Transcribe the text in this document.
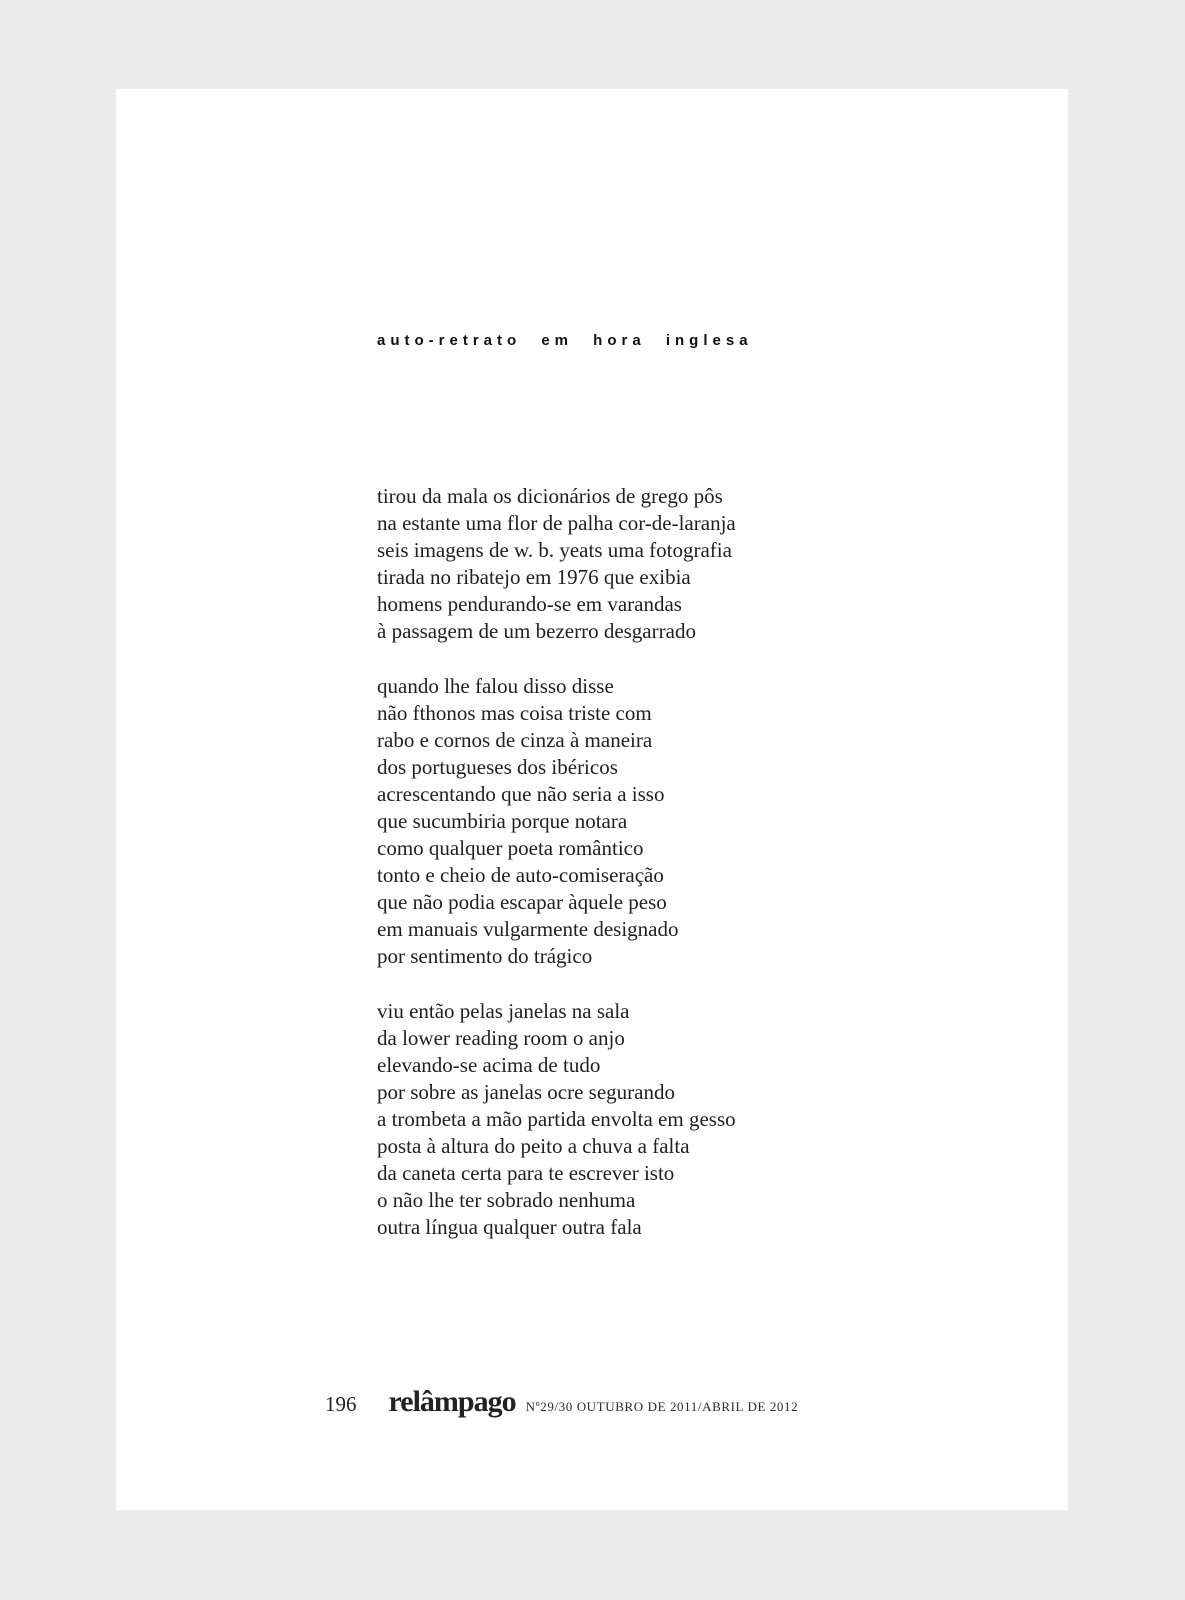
auto-retrato em hora inglesa
tirou da mala os dicionários de grego pôs
na estante uma flor de palha cor-de-laranja
seis imagens de w. b. yeats uma fotografia
tirada no ribatejo em 1976 que exibia
homens pendurando-se em varandas
à passagem de um bezerro desgarrado
quando lhe falou disso disse
não fthonos mas coisa triste com
rabo e cornos de cinza à maneira
dos portugueses dos ibéricos
acrescentando que não seria a isso
que sucumbiria porque notara
como qualquer poeta romântico
tonto e cheio de auto-comiseração
que não podia escapar àquele peso
em manuais vulgarmente designado
por sentimento do trágico
viu então pelas janelas na sala
da lower reading room o anjo
elevando-se acima de tudo
por sobre as janelas ocre segurando
a trombeta a mão partida envolta em gesso
posta à altura do peito a chuva a falta
da caneta certa para te escrever isto
o não lhe ter sobrado nenhuma
outra língua qualquer outra fala
196 relâmpago Nº29/30 OUTUBRO DE 2011/ABRIL DE 2012
